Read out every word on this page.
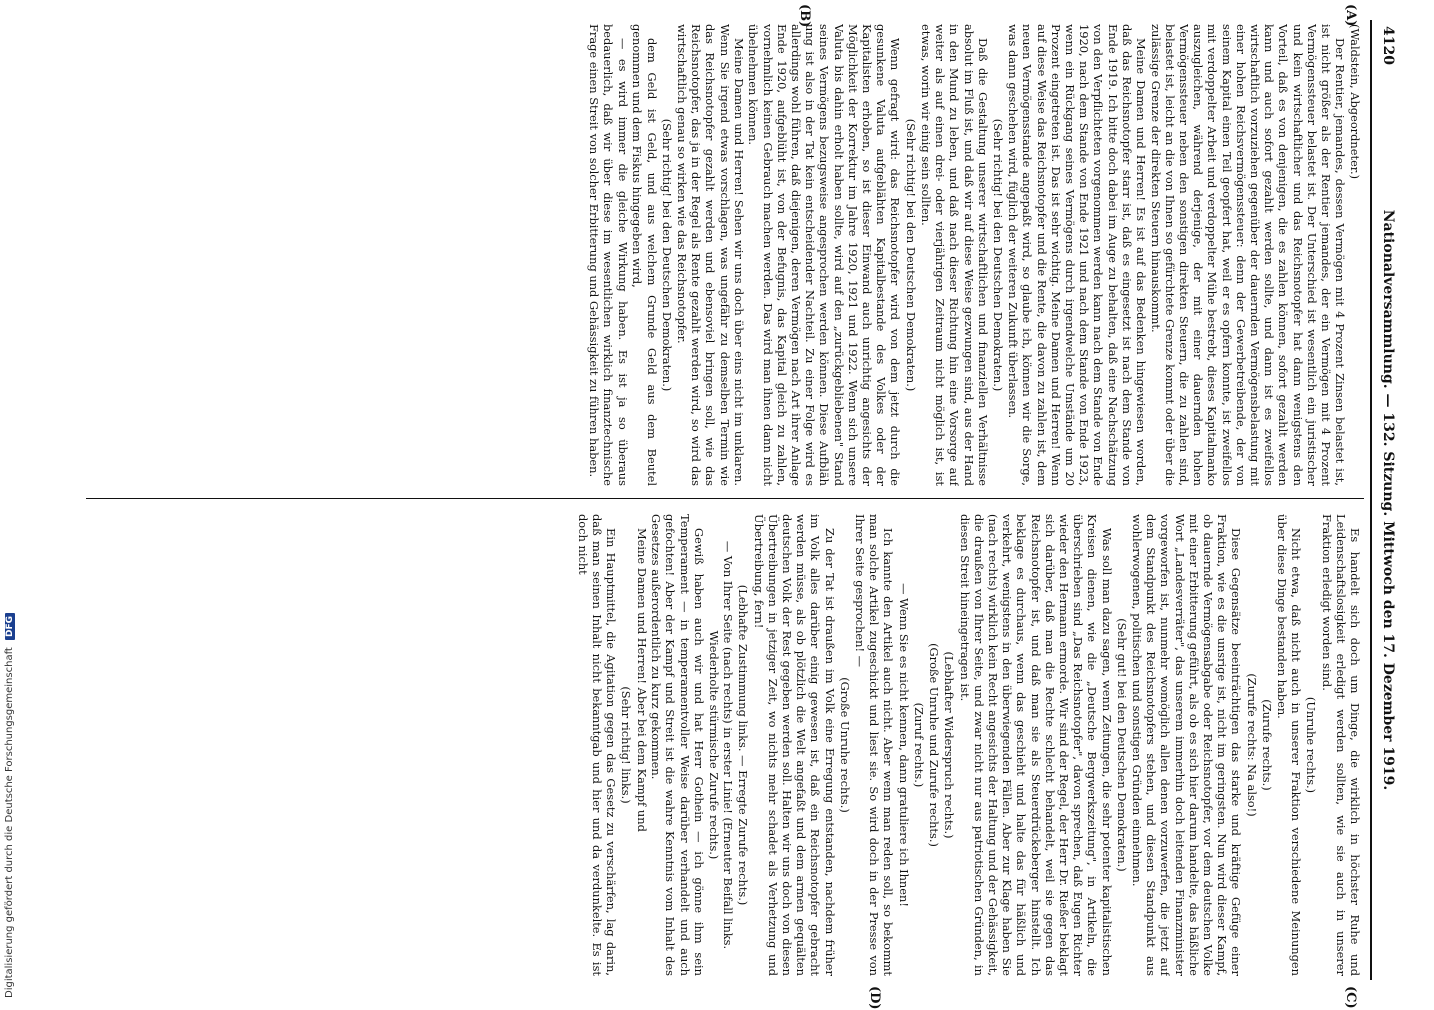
4120
Nationalversammlung. — 132. Sitzung. Mittwoch den 17. Dezember 1919.
(A)
(B)
(C)
(D)

(Waldstein, Abgeordneter.)

Der Rentier, jemandes, dessen Vermögen mit 4 Prozent Zinsen belastet ist, ist nicht größer als der Rentier jemandes, der ein Vermögen mit 4 Prozent Vermögenssteuer belastet ist. Der Unterschied ist wesentlich ein juristischer und kein wirtschaftlicher und das Reichsnotopfer hat dann wenigstens den Vorteil, daß es von denjenigen, die es zahlen können, sofort gezahlt werden kann und auch sofort gezahlt werden sollte, und dann ist es zweifellos wirtschaftlich vorzuziehen gegenüber der dauernden Vermögensbelastung mit einer hohen Reichsvermögenssteuer: denn der Gewerbetreibende, der von seinem Kapital einen Teil geopfert hat, weil er es opfern konnte, ist zweifellos mit verdoppelter Arbeit und verdoppelter Mühe bestrebt, dieses Kapitalmanko auszugleichen, während derjenige, der mit einer dauernden hohen Vermögenssteuer neben den sonstigen direkten Steuern, die zu zahlen sind, belastet ist, leicht an die von Ihnen so gefürchtete Grenze kommt oder über die zulässige Grenze der direkten Steuern hinauskommt.

Meine Damen und Herren! Es ist auf das Bedenken hingewiesen worden, daß das Reichsnotopfer starr ist, daß es eingesetzt ist nach dem Stande von Ende 1919. Ich bitte doch dabei im Auge zu behalten, daß eine Nachschätzung von den Verpflichteten vorgenommen werden kann nach dem Stande von Ende 1920, nach dem Stande von Ende 1921 und nach dem Stande von Ende 1923, wenn ein Rückgang seines Vermögens durch irgendwelche Umstände um 20 Prozent eingetreten ist. Das ist sehr wichtig. Meine Damen und Herren! Wenn auf diese Weise das Reichsnotopfer und die Rente, die davon zu zahlen ist, dem neuen Vermögensstande angepaßt wird, so glaube ich, können wir die Sorge, was dann geschehen wird, füglich der weiteren Zukunft überlassen.

(Sehr richtig! bei den Deutschen Demokraten.)

Daß die Gestaltung unserer wirtschaftlichen und finanziellen Verhältnisse absolut im Fluß ist, und daß wir auf diese Weise gezwungen sind, aus der Hand in den Mund zu leben, und daß nach dieser Richtung hin eine Vorsorge auf weiter als auf einen drei- oder vierjährigen Zeitraum nicht möglich ist, ist etwas, worin wir einig sein sollten.

(Sehr richtig! bei den Deutschen Demokraten.)

Wenn gefragt wird: das Reichsnotopfer wird von dem jetzt durch die gesunkene Valuta aufgeblähten Kapitalbestande des Volkes oder der Kapitalisten erhoben, so ist dieser Einwand auch unrichtig angesichts der Möglichkeit der Korrektur im Jahre 1920, 1921 und 1922. Wenn sich unsere Valuta bis dahin erholt haben sollte, wird auf den „zurückgebliebenen" Stand seines Vermögens bezugsweise angesprochen werden können. Diese Aufbläh ung ist also in der Tat kein entscheidender Nachteil. Zu einer Folge wird es allerdings wohl führen, daß diejenigen, deren Vermögen nach Art ihrer Anlage Ende 1920, aufgeblüht ist, von der Befugnis, das Kapital gleich zu zahlen, vornehmlich keinen Gebrauch machen werden. Das wird man ihnen dann nicht übelnehmen können.

Meine Damen und Herren! Sehen wir uns doch über eins nicht im unklaren. Wenn Sie irgend etwas vorschlagen, was ungefähr zu demselben Termin wie das Reichsnotopfer gezahlt werden und ebensoviel bringen soll, wie das Reichsnotopfer, das ja in der Regel als Rente gezahlt werden wird, so wird das wirtschaftlich genau so wirken wie das Reichsnotopfer.

(Sehr richtig! bei den Deutschen Demokraten.)

dem Geld ist Geld, und aus welchem Grunde Geld aus dem Beutel genommen und dem Fiskus hingegeben wird,

— es wird immer die gleiche Wirkung haben. Es ist ja so überaus bedauerlich, daß wir über diese im wesentlichen wirklich finanztechnische Frage einen Streit von solcher Erbitterung und Gehässigkeit zu führen haben.

Es handelt sich doch um Dinge, die wirklich in höchster Ruhe und Leidenschaftslosigkeit erledigt werden sollten, wie sie auch in unserer Fraktion erledigt worden sind.

(Unruhe rechts.)

Nicht etwa, daß nicht auch in unserer Fraktion verschiedene Meinungen über diese Dinge bestanden haben.

(Zurufe rechts.)

(Zurufe rechts: Na also!)

Diese Gegensätze beeinträchtigen das starke und kräftige Gefüge einer Fraktion, wie es die unsrige ist, nicht im geringsten. Nun wird dieser Kampf, ob dauernde Vermögensabgabe oder Reichsnotopfer, vor dem deutschen Volke mit einer Erbitterung geführt, als ob es sich hier darum handelte, das häßliche Wort „Landesverräter", das unserem immerhin doch leitenden Finanzminister vorgeworfen ist, nunmehr womöglich allen denen vorzuwerfen, die jetzt auf dem Standpunkt des Reichsnotopfers stehen, und diesen Standpunkt aus wohlerwogenen, politischen und sonstigen Gründen einnehmen.

(Sehr gut! bei den Deutschen Demokraten.)

Was soll man dazu sagen, wenn Zeitungen, die sehr potenter kapitalistischen Kreisen dienen, wie die „Deutsche Bergwerkszeitung", in Artikeln, die überschrieben sind „Das Reichsnotopfer", davon sprechen, daß Eugen Richter wieder den Hermann ermorde. Wir sind der Regel, der Herr Dr. Rießer beklagt sich darüber, daß man die Rechte schlecht behandelt, weil sie gegen das Reichsnotopfer ist, und daß man sie als Steuerdrückeberger hinstellt. Ich beklage es durchaus, wenn das geschieht und halte das für häßlich und verkehrt, wenigstens in den überwiegenden Fällen. Aber zur Klage haben Sie (nach rechts) wirklich kein Recht angesichts der Haltung und der Gehässigkeit, die draußen von Ihrer Seite, und zwar nicht nur aus patriotischen Gründen, in diesen Streit hineingetragen ist.

(Lebhafter Widerspruch rechts.)

(Große Unruhe und Zurufe rechts.)

(Zuruf rechts.)

— Wenn Sie es nicht kennen, dann gratuliere ich Ihnen!

Ich kannte den Artikel auch nicht. Aber wenn man reden soll, so bekommt man solche Artikel zugeschickt und liest sie. So wird doch in der Presse von Ihrer Seite gesprochen! —

(Große Unruhe rechts.)

Zu der Tat ist draußen im Volk eine Erregung entstanden, nachdem früher im Volk alles darüber einig gewesen ist, daß ein Reichsnotopfer gebracht werden müsse, als ob plötzlich die Welt angefaßt und dem armen gequälten deutschen Volk der Rest gegeben werden soll. Halten wir uns doch von diesen Übertreibungen in jetziger Zeit, wo nichts mehr schadet als Verhetzung und Übertreibung, fern!

(Lebhafte Zustimmung links. — Erregte Zurufe rechts.)

— Von Ihrer Seite (nach rechts) in erster Linie! (Erneuter Beifall links. Wiederholte stürmische Zurufe rechts.)

Gewiß haben auch wir und hat Herr Gothein — ich gönne ihm sein Temperament — in temperamentvoller Weise darüber verhandelt und auch gefochten! Aber der Kampf und Streit ist die wahre Kenntnis vom Inhalt des Gesetzes außerordentlich zu kurz gekommen.

Meine Damen und Herren! Aber bei dem Kampf und

(Sehr richtig! links.)

Ein Hauptmittel, die Agitation gegen das Gesetz zu verschärfen, lag darin, daß man seinen Inhalt nicht bekanntgab und hier und da verdunkelte. Es ist doch nicht

Digitalisierung gefördert durch die Deutsche Forschungsgemeinschaft DFG
